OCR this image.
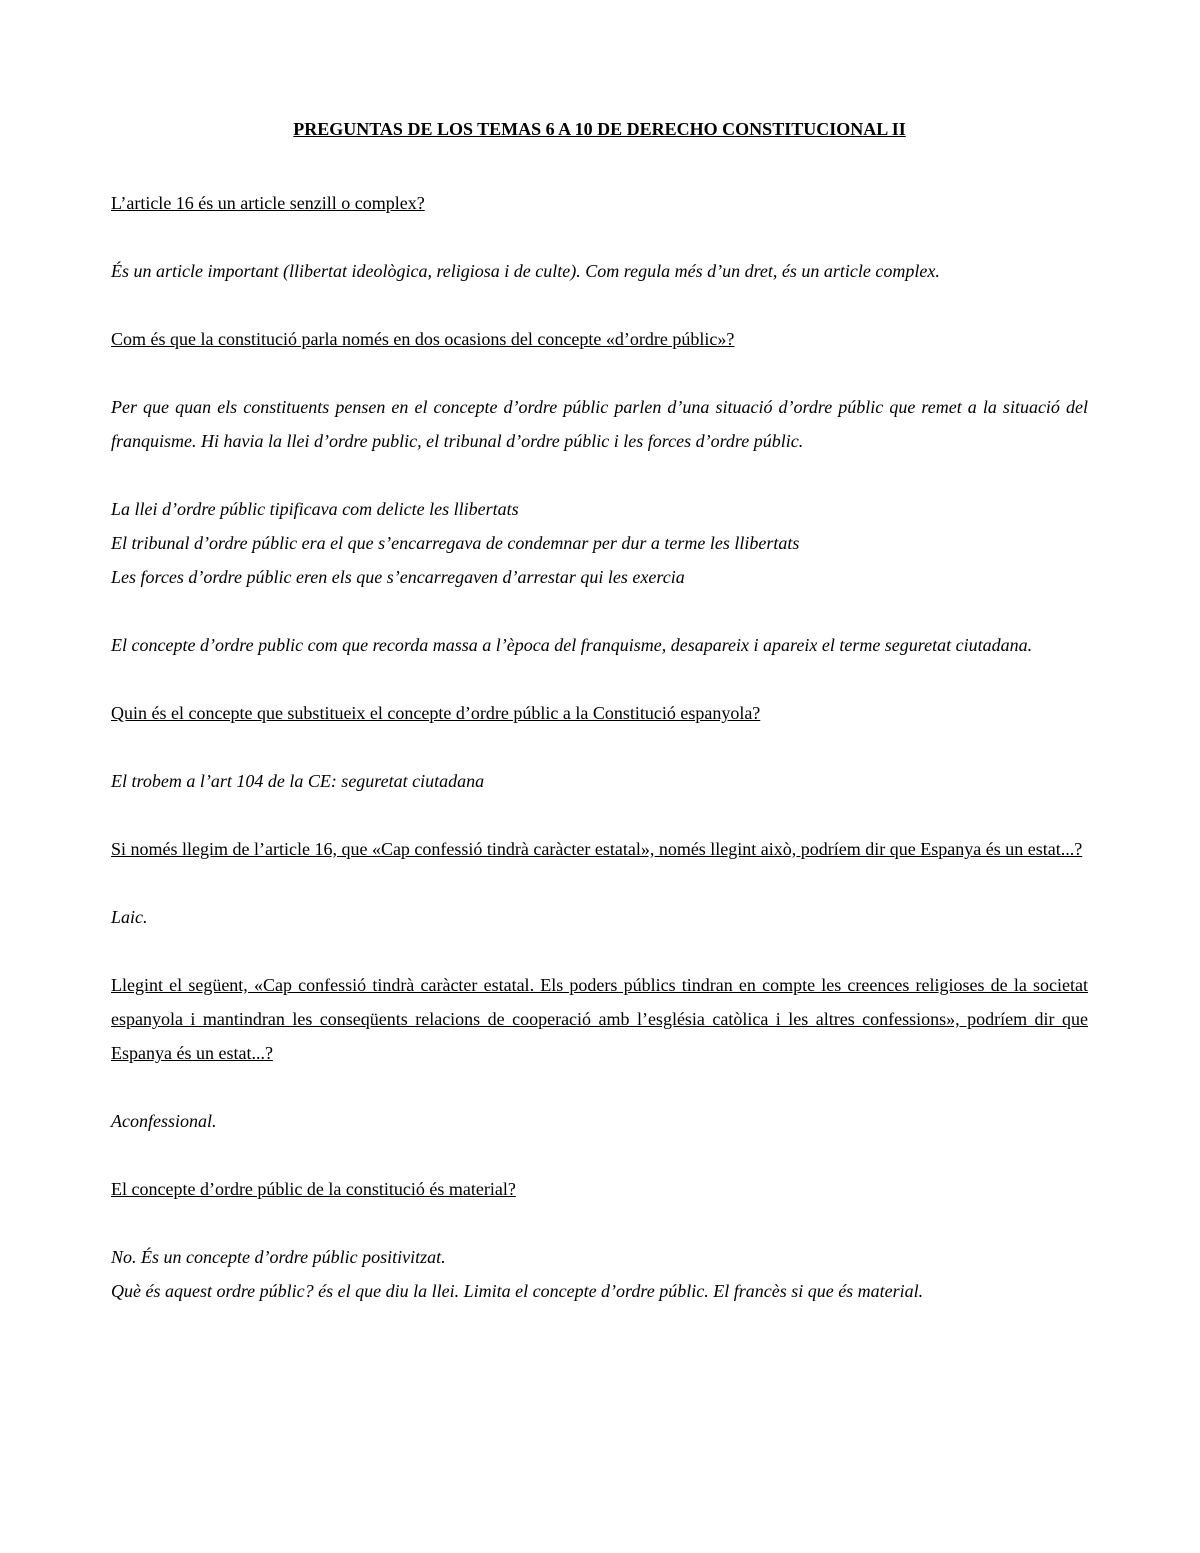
PREGUNTAS DE LOS TEMAS 6 A 10 DE DERECHO CONSTITUCIONAL II

L’article 16 és un article senzill o complex?

És un article important (llibertat ideològica, religiosa i de culte). Com regula més d’un dret, és un article complex.

Com és que la constitució parla només en dos ocasions del concepte «d’ordre públic»?

Per que quan els constituents pensen en el concepte d’ordre públic parlen d’una situació d’ordre públic que remet a la situació del franquisme. Hi havia la llei d’ordre public, el tribunal d’ordre públic i les forces d’ordre públic.

La llei d’ordre públic tipificava com delicte les llibertats

El tribunal d’ordre públic era el que s’encarregava de condemnar per dur a terme les llibertats

Les forces d’ordre públic eren els que s’encarregaven d’arrestar qui les exercia

El concepte d’ordre public com que recorda massa a l’època del franquisme, desapareix i apareix el terme seguretat ciutadana.

Quin és el concepte que substitueix el concepte d’ordre públic a la Constitució espanyola?

El trobem a l’art 104 de la CE: seguretat ciutadana

Si només llegim de l’article 16, que «Cap confessió tindrà caràcter estatal», només llegint això, podríem dir que Espanya és un estat...?

Laic.

Llegint el següent, «Cap confessió tindrà caràcter estatal. Els poders públics tindran en compte les creences religioses de la societat espanyola i mantindran les conseqüents relacions de cooperació amb l’església catòlica i les altres confessions», podríem dir que Espanya és un estat...?

Aconfessional.

El concepte d’ordre públic de la constitució és material?

No. És un concepte d’ordre públic positivitzat.

Què és aquest ordre públic? és el que diu la llei. Limita el concepte d’ordre públic. El francès si que és material.
